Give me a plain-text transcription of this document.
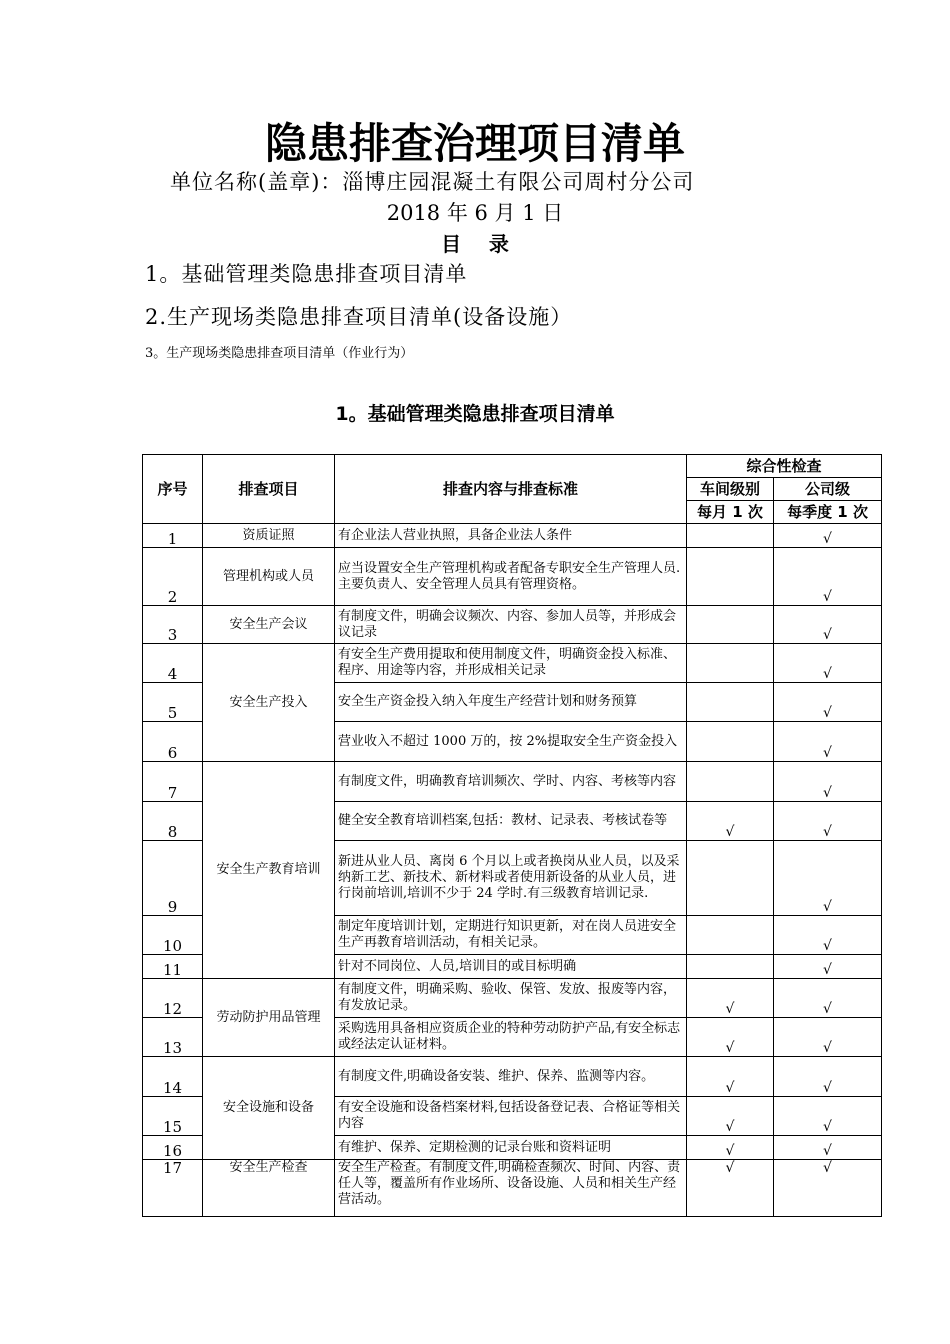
隐患排查治理项目清单
单位名称(盖章)：淄博庄园混凝土有限公司周村分公司
2018 年 6 月 1 日
目    录
1。基础管理类隐患排查项目清单
2.生产现场类隐患排查项目清单(设备设施）
3。生产现场类隐患排查项目清单（作业行为）
1。基础管理类隐患排查项目清单
序号	排查项目	排查内容与排查标准	综合性检查	
			车间级别	公司级
			每月 1 次	每季度 1 次
1	资质证照	有企业法人营业执照，具备企业法人条件		√
2	管理机构或人员	应当设置安全生产管理机构或者配备专职安全生产管理人员.主要负责人、安全管理人员具有管理资格。		√
3	安全生产会议	有制度文件，明确会议频次、内容、参加人员等，并形成会议记录		√
4	安全生产投入	有安全生产费用提取和使用制度文件，明确资金投入标准、程序、用途等内容，并形成相关记录		√
5		安全生产资金投入纳入年度生产经营计划和财务预算		√
6		营业收入不超过 1000 万的，按 2%提取安全生产资金投入		√
7	安全生产教育培训	有制度文件，明确教育培训频次、学时、内容、考核等内容		√
8		健全安全教育培训档案,包括：教材、记录表、考核试卷等	√	√
9		新进从业人员、离岗 6 个月以上或者换岗从业人员，以及采纳新工艺、新技术、新材料或者使用新设备的从业人员，进行岗前培训,培训不少于 24 学时.有三级教育培训记录.		√
10		制定年度培训计划，定期进行知识更新，对在岗人员进安全生产再教育培训活动，有相关记录。		√
11		针对不同岗位、人员,培训目的或目标明确		√
12	劳动防护用品管理	有制度文件，明确采购、验收、保管、发放、报废等内容，有发放记录。	√	√
13		采购选用具备相应资质企业的特种劳动防护产品,有安全标志或经法定认证材料。	√	√
14	安全设施和设备	有制度文件,明确设备安装、维护、保养、监测等内容。	√	√
15		有安全设施和设备档案材料,包括设备登记表、合格证等相关内容	√	√
16		有维护、保养、定期检测的记录台账和资料证明	√	√
17	安全生产检查	安全生产检查。有制度文件,明确检查频次、时间、内容、责任人等，覆盖所有作业场所、设备设施、人员和相关生产经营活动。	√	√
